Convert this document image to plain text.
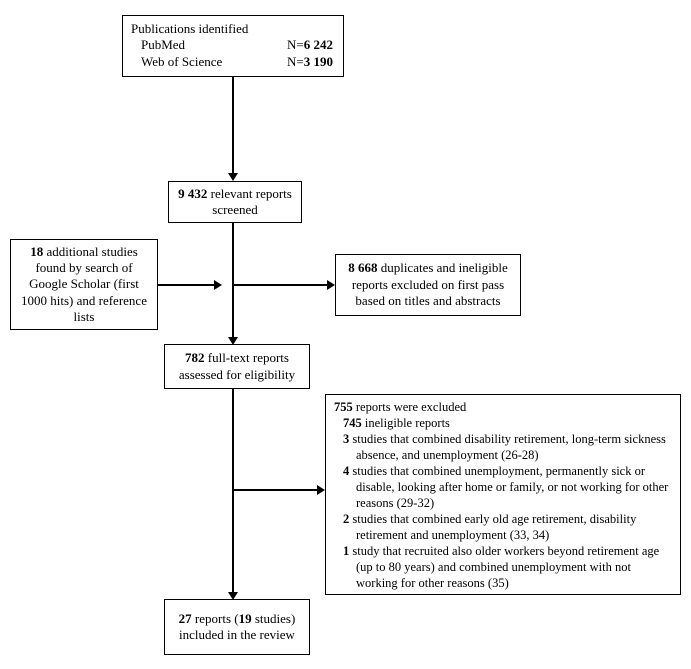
Publications identified
PubMed	N=6 242
Web of Science	N=3 190
9 432 relevant reports screened
18 additional studies found by search of Google Scholar (first 1000 hits) and reference lists
8 668 duplicates and ineligible reports excluded on first pass based on titles and abstracts
782 full-text reports assessed for eligibility
755 reports were excluded
745 ineligible reports
3 studies that combined disability retirement, long-term sickness absence, and unemployment (26-28)
4 studies that combined unemployment, permanently sick or disable, looking after home or family, or not working for other reasons (29-32)
2 studies that combined early old age retirement, disability retirement and unemployment (33, 34)
1 study that recruited also older workers beyond retirement age (up to 80 years) and combined unemployment with not working for other reasons (35)
27 reports (19 studies) included in the review
